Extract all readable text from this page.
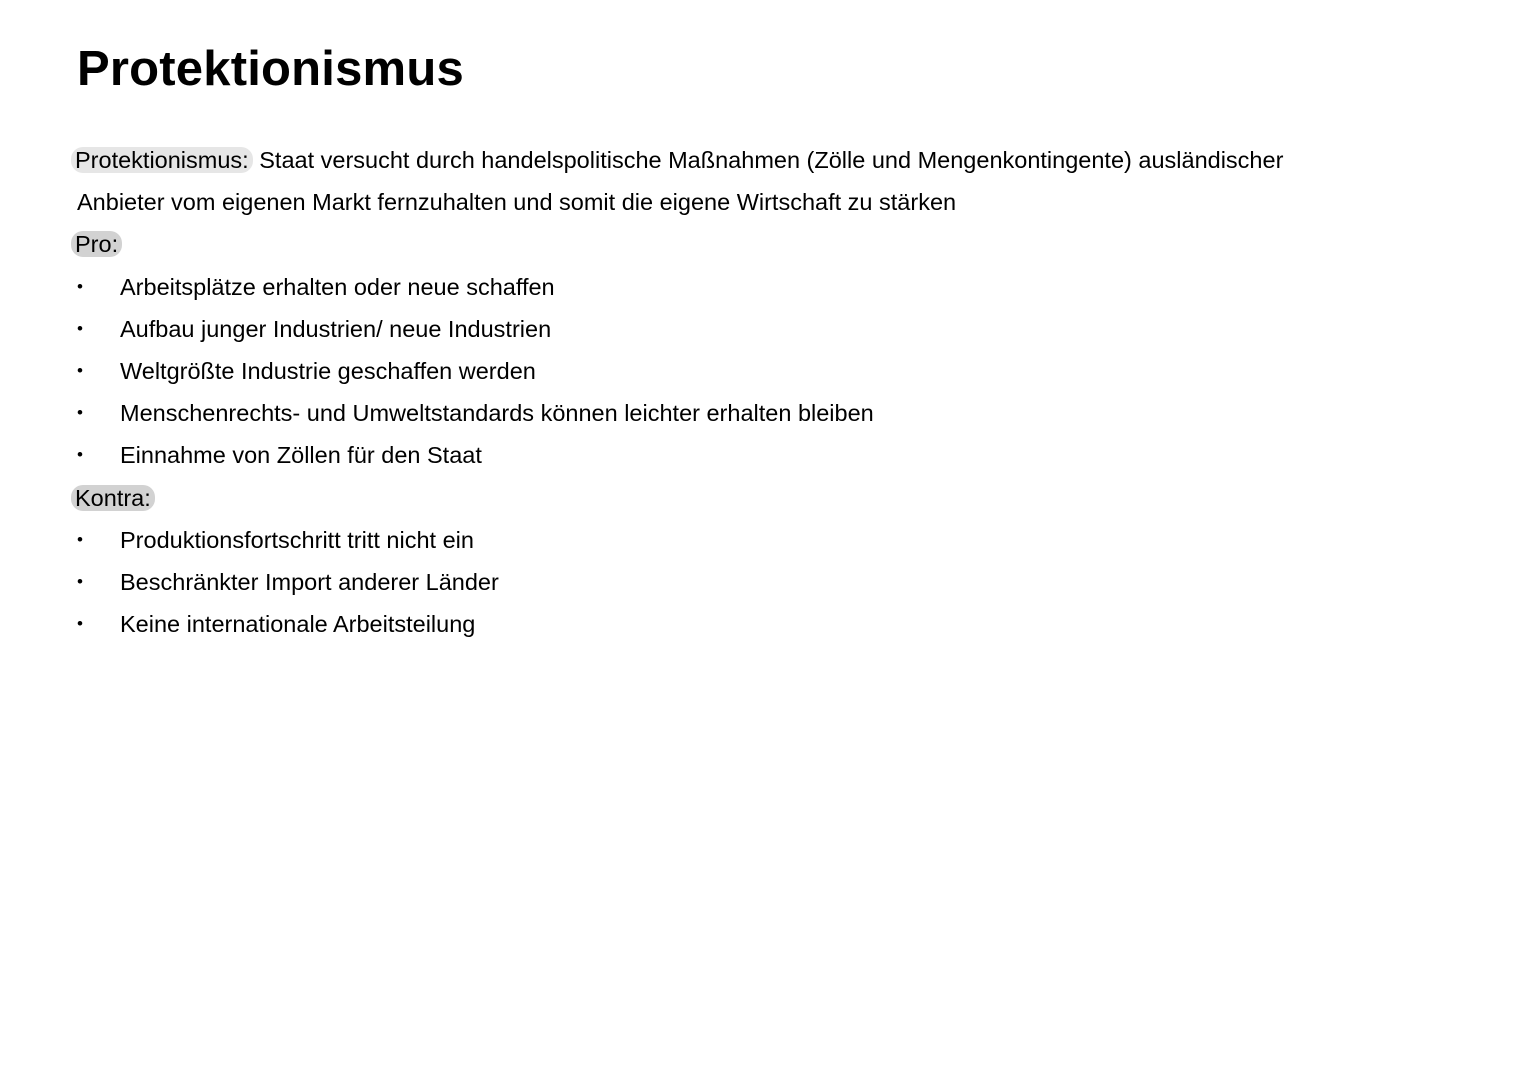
Protektionismus
Protektionismus: Staat versucht durch handelspolitische Maßnahmen (Zölle und Mengenkontingente) ausländischer
Anbieter vom eigenen Markt fernzuhalten und somit die eigene Wirtschaft zu stärken
Pro:
• Arbeitsplätze erhalten oder neue schaffen
• Aufbau junger Industrien/ neue Industrien
• Weltgrößte Industrie geschaffen werden
• Menschenrechts- und Umweltstandards können leichter erhalten bleiben
• Einnahme von Zöllen für den Staat
Kontra:
• Produktionsfortschritt tritt nicht ein
• Beschränkter Import anderer Länder
• Keine internationale Arbeitsteilung
